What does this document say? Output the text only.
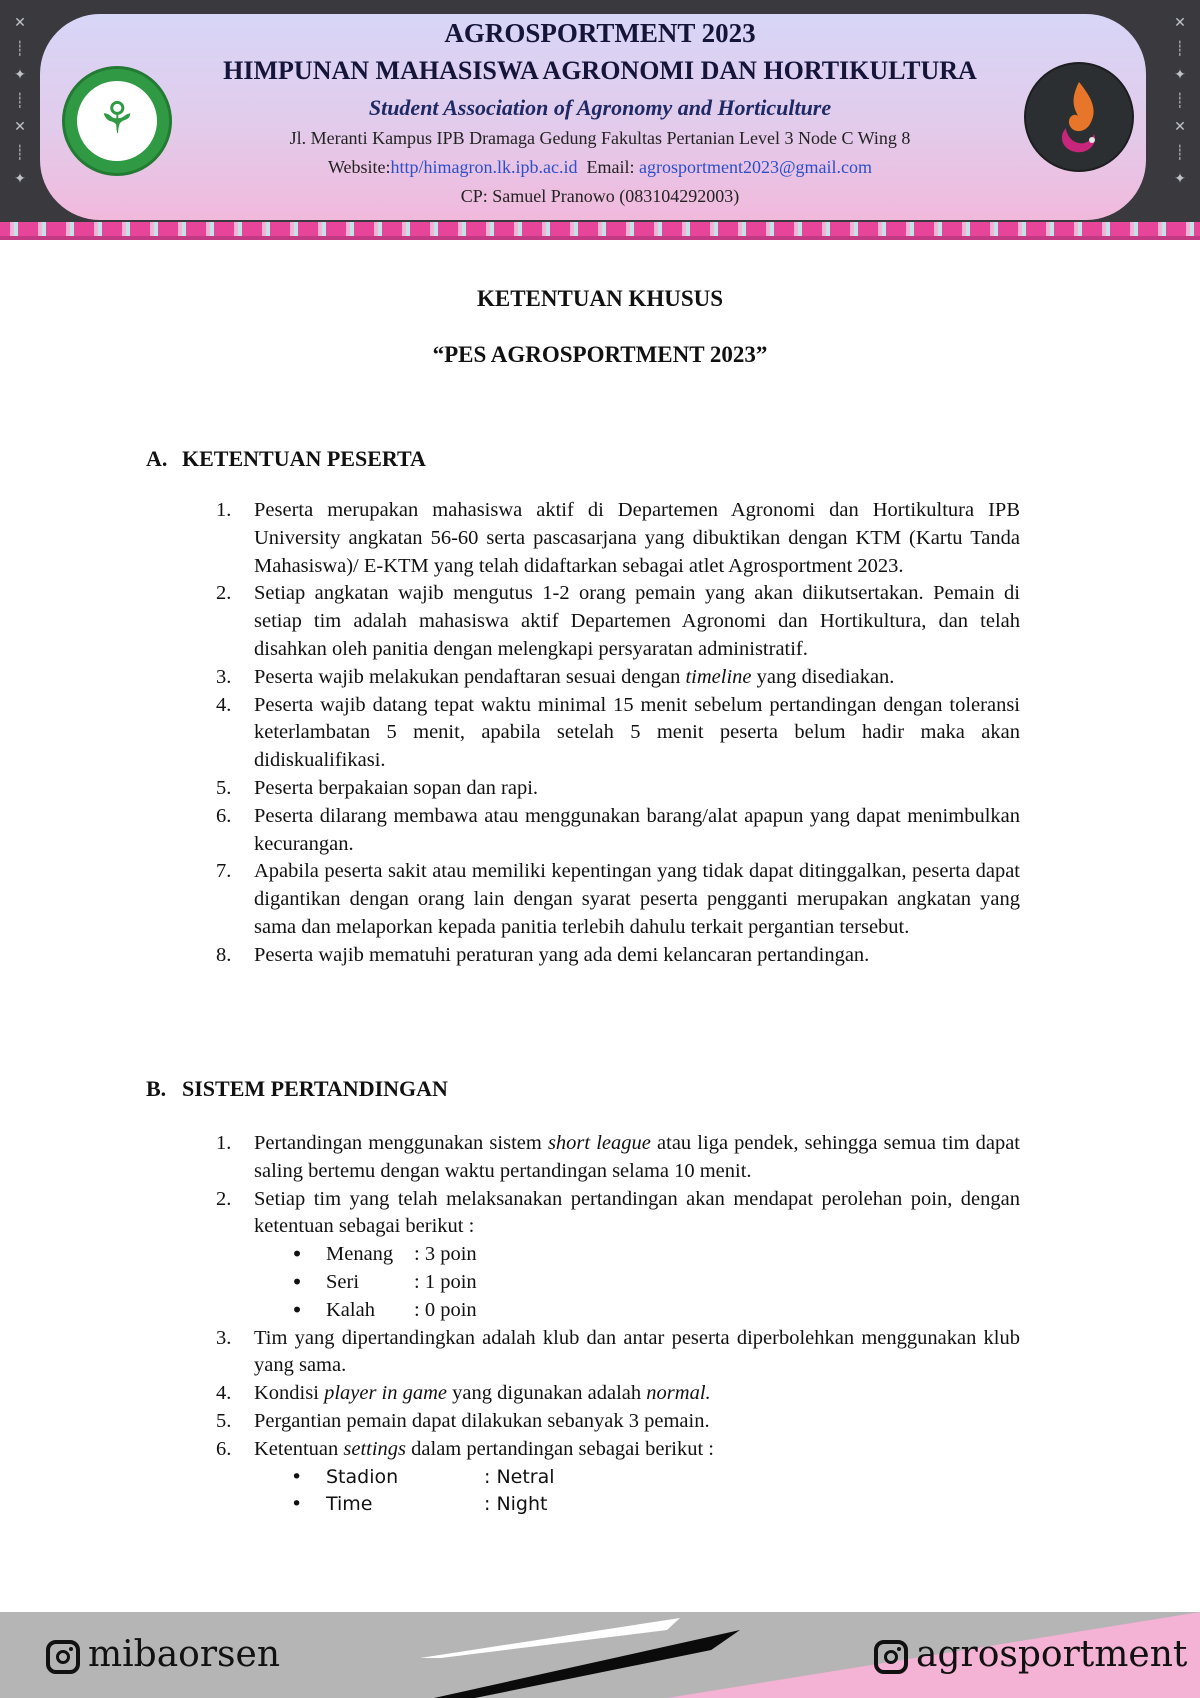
✕
┊
✦
┊
✕
┊
✦
✕
┊
✦
┊
✕
┊
✦
⚘
AGROSPORTMENT 2023
HIMPUNAN MAHASISWA AGRONOMI DAN HORTIKULTURA
Student Association of Agronomy and Horticulture
Jl. Meranti Kampus IPB Dramaga Gedung Fakultas Pertanian Level 3 Node C Wing 8
Website:http/himagron.lk.ipb.ac.id Email: agrosportment2023@gmail.com
CP: Samuel Pranowo (083104292003)
KETENTUAN KHUSUS
“PES AGROSPORTMENT 2023”
A. KETENTUAN PESERTA
1. Peserta merupakan mahasiswa aktif di Departemen Agronomi dan Hortikultura IPB University angkatan 56-60 serta pascasarjana yang dibuktikan dengan KTM (Kartu Tanda Mahasiswa)/ E-KTM yang telah didaftarkan sebagai atlet Agrosportment 2023.
2. Setiap angkatan wajib mengutus 1-2 orang pemain yang akan diikutsertakan. Pemain di setiap tim adalah mahasiswa aktif Departemen Agronomi dan Hortikultura, dan telah disahkan oleh panitia dengan melengkapi persyaratan administratif.
3. Peserta wajib melakukan pendaftaran sesuai dengan timeline yang disediakan.
4. Peserta wajib datang tepat waktu minimal 15 menit sebelum pertandingan dengan toleransi keterlambatan 5 menit, apabila setelah 5 menit peserta belum hadir maka akan didiskualifikasi.
5. Peserta berpakaian sopan dan rapi.
6. Peserta dilarang membawa atau menggunakan barang/alat apapun yang dapat menimbulkan kecurangan.
7. Apabila peserta sakit atau memiliki kepentingan yang tidak dapat ditinggalkan, peserta dapat digantikan dengan orang lain dengan syarat peserta pengganti merupakan angkatan yang sama dan melaporkan kepada panitia terlebih dahulu terkait pergantian tersebut.
8. Peserta wajib mematuhi peraturan yang ada demi kelancaran pertandingan.
B. SISTEM PERTANDINGAN
1. Pertandingan menggunakan sistem short league atau liga pendek, sehingga semua tim dapat saling bertemu dengan waktu pertandingan selama 10 menit.
2. Setiap tim yang telah melaksanakan pertandingan akan mendapat perolehan poin, dengan ketentuan sebagai berikut :
• Menang : 3 poin
• Seri	: 1 poin
• Kalah : 0 poin
3. Tim yang dipertandingkan adalah klub dan antar peserta diperbolehkan menggunakan klub yang sama.
4. Kondisi player in game yang digunakan adalah normal.
5. Pergantian pemain dapat dilakukan sebanyak 3 pemain.
6. Ketentuan settings dalam pertandingan sebagai berikut :
• Stadion	: Netral
• Time	: Night
mibaorsen	agrosportment
